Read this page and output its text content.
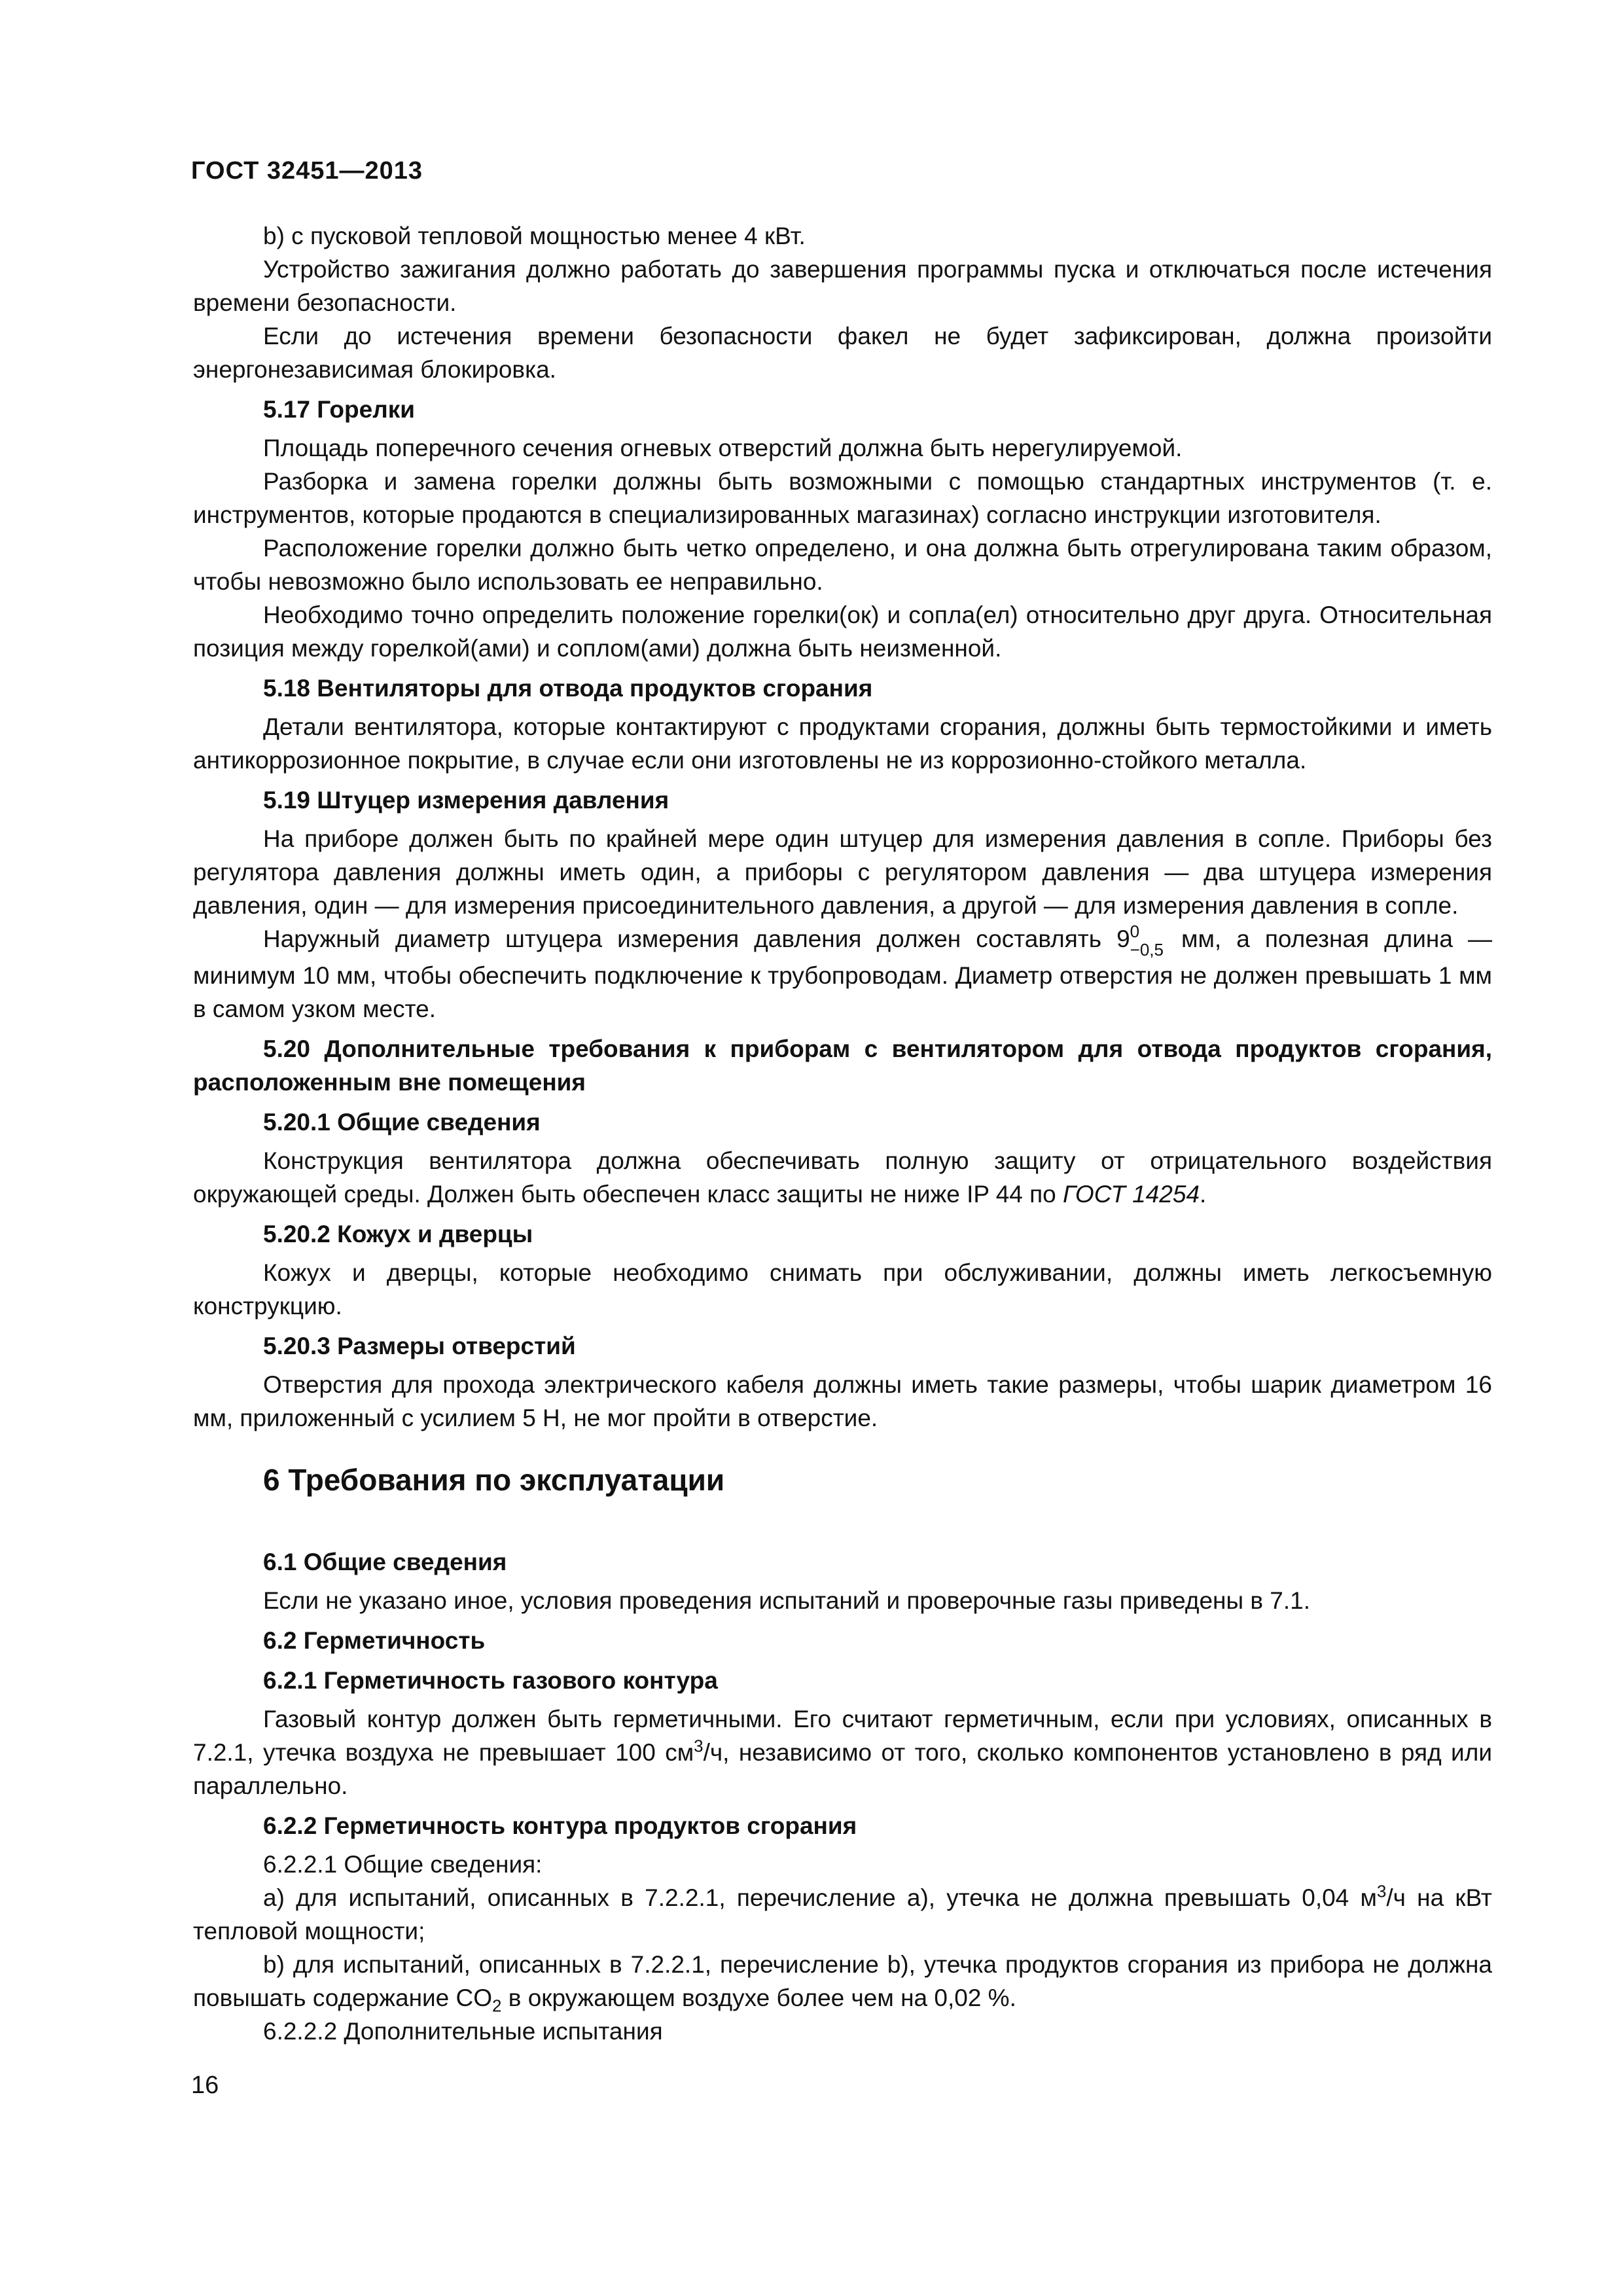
ГОСТ 32451—2013

b) с пусковой тепловой мощностью менее 4 кВт.

Устройство зажигания должно работать до завершения программы пуска и отключаться после истечения времени безопасности.

Если до истечения времени безопасности факел не будет зафиксирован, должна произойти энергонезависимая блокировка.

5.17 Горелки

Площадь поперечного сечения огневых отверстий должна быть нерегулируемой.

Разборка и замена горелки должны быть возможными с помощью стандартных инструментов (т. е. инструментов, которые продаются в специализированных магазинах) согласно инструкции изготовителя.

Расположение горелки должно быть четко определено, и она должна быть отрегулирована таким образом, чтобы невозможно было использовать ее неправильно.

Необходимо точно определить положение горелки(ок) и сопла(ел) относительно друг друга. Относительная позиция между горелкой(ами) и соплом(ами) должна быть неизменной.

5.18 Вентиляторы для отвода продуктов сгорания

Детали вентилятора, которые контактируют с продуктами сгорания, должны быть термостойкими и иметь антикоррозионное покрытие, в случае если они изготовлены не из коррозионно-стойкого металла.

5.19 Штуцер измерения давления

На приборе должен быть по крайней мере один штуцер для измерения давления в сопле. Приборы без регулятора давления должны иметь один, а приборы с регулятором давления — два штуцера измерения давления, один — для измерения присоединительного давления, а другой — для измерения давления в сопле.

Наружный диаметр штуцера измерения давления должен составлять 9 0
−0,5 мм, а полезная длина — минимум 10 мм, чтобы обеспечить подключение к трубопроводам. Диаметр отверстия не должен превышать 1 мм в самом узком месте.

5.20 Дополнительные требования к приборам с вентилятором для отвода продуктов сгорания, расположенным вне помещения

5.20.1 Общие сведения

Конструкция вентилятора должна обеспечивать полную защиту от отрицательного воздействия окружающей среды. Должен быть обеспечен класс защиты не ниже IP 44 по ГОСТ 14254.

5.20.2 Кожух и дверцы

Кожух и дверцы, которые необходимо снимать при обслуживании, должны иметь легкосъемную конструкцию.

5.20.3 Размеры отверстий

Отверстия для прохода электрического кабеля должны иметь такие размеры, чтобы шарик диаметром 16 мм, приложенный с усилием 5 Н, не мог пройти в отверстие.

6 Требования по эксплуатации

6.1 Общие сведения

Если не указано иное, условия проведения испытаний и проверочные газы приведены в 7.1.

6.2 Герметичность

6.2.1 Герметичность газового контура

Газовый контур должен быть герметичными. Его считают герметичным, если при условиях, описанных в 7.2.1, утечка воздуха не превышает 100 $см^3/ч$, независимо от того, сколько компонентов установлено в ряд или параллельно.

6.2.2 Герметичность контура продуктов сгорания

6.2.2.1 Общие сведения:

a) для испытаний, описанных в 7.2.2.1, перечисление a), утечка не должна превышать 0,04 $м^3/ч$ на кВт тепловой мощности;

b) для испытаний, описанных в 7.2.2.1, перечисление b), утечка продуктов сгорания из прибора не должна повышать содержание $CO_2$ в окружающем воздухе более чем на 0,02 %.

6.2.2.2 Дополнительные испытания

16
